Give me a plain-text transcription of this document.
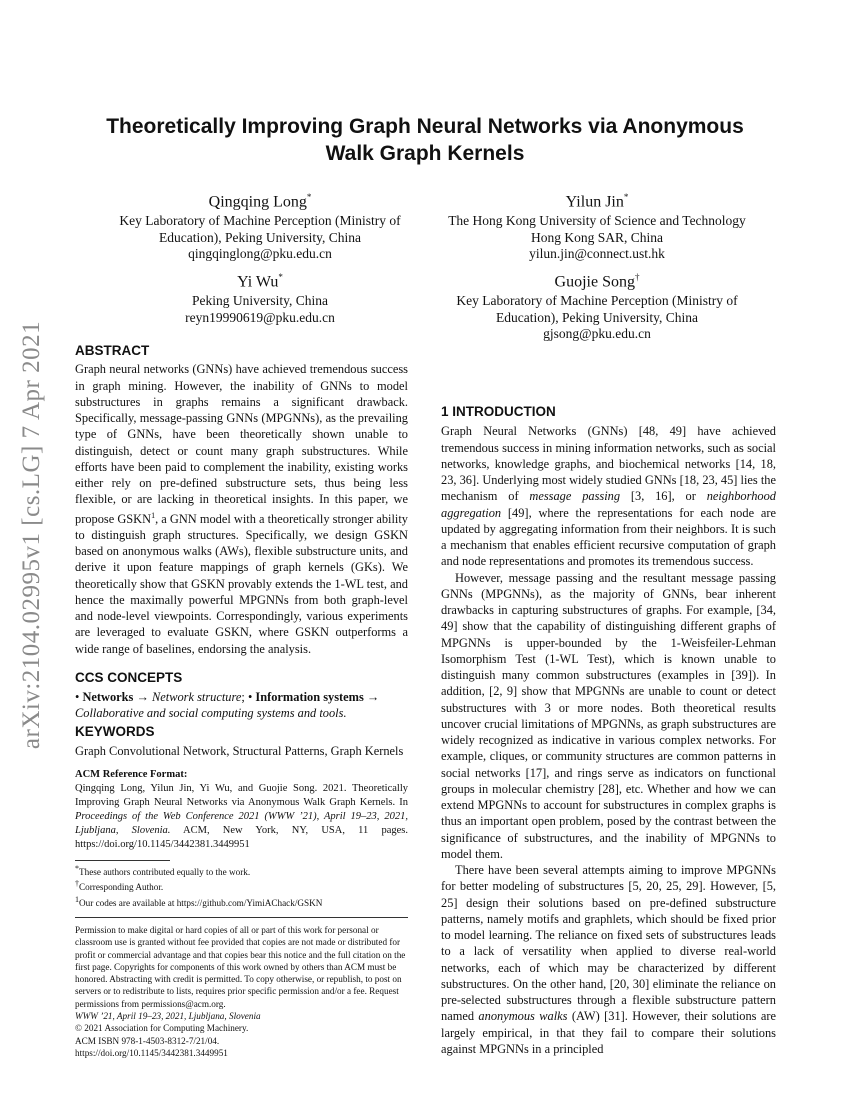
arXiv:2104.02995v1 [cs.LG] 7 Apr 2021
Theoretically Improving Graph Neural Networks via Anonymous Walk Graph Kernels
Qingqing Long*
Key Laboratory of Machine Perception (Ministry of
Education), Peking University, China
qingqinglong@pku.edu.cn
Yilun Jin*
The Hong Kong University of Science and Technology
Hong Kong SAR, China
yilun.jin@connect.ust.hk
Yi Wu*
Peking University, China
reyn19990619@pku.edu.cn
Guojie Song†
Key Laboratory of Machine Perception (Ministry of
Education), Peking University, China
gjsong@pku.edu.cn
ABSTRACT

Graph neural networks (GNNs) have achieved tremendous success in graph mining. However, the inability of GNNs to model substructures in graphs remains a significant drawback. Specifically, message-passing GNNs (MPGNNs), as the prevailing type of GNNs, have been theoretically shown unable to distinguish, detect or count many graph substructures. While efforts have been paid to complement the inability, existing works either rely on pre-defined substructure sets, thus being less flexible, or are lacking in theoretical insights. In this paper, we propose GSKN$^1$, a GNN model with a theoretically stronger ability to distinguish graph structures. Specifically, we design GSKN based on anonymous walks (AWs), flexible substructure units, and derive it upon feature mappings of graph kernels (GKs). We theoretically show that GSKN provably extends the 1-WL test, and hence the maximally powerful MPGNNs from both graph-level and node-level viewpoints. Correspondingly, various experiments are leveraged to evaluate GSKN, where GSKN outperforms a wide range of baselines, endorsing the analysis.

CCS CONCEPTS

• Networks → Network structure; • Information systems → Collaborative and social computing systems and tools.

KEYWORDS

Graph Convolutional Network, Structural Patterns, Graph Kernels

ACM Reference Format:
Qingqing Long, Yilun Jin, Yi Wu, and Guojie Song. 2021. Theoretically Improving Graph Neural Networks via Anonymous Walk Graph Kernels. In Proceedings of the Web Conference 2021 (WWW ’21), April 19–23, 2021, Ljubljana, Slovenia. ACM, New York, NY, USA, 11 pages. https://doi.org/10.1145/3442381.3449951

*These authors contributed equally to the work.
†Corresponding Author.
$^1$Our codes are available at https://github.com/YimiAChack/GSKN
Permission to make digital or hard copies of all or part of this work for personal or classroom use is granted without fee provided that copies are not made or distributed for profit or commercial advantage and that copies bear this notice and the full citation on the first page. Copyrights for components of this work owned by others than ACM must be honored. Abstracting with credit is permitted. To copy otherwise, or republish, to post on servers or to redistribute to lists, requires prior specific permission and/or a fee. Request permissions from permissions@acm.org.
WWW ’21, April 19–23, 2021, Ljubljana, Slovenia
© 2021 Association for Computing Machinery.
ACM ISBN 978-1-4503-8312-7/21/04.
https://doi.org/10.1145/3442381.3449951
1 INTRODUCTION

Graph Neural Networks (GNNs) [48, 49] have achieved tremendous success in mining information networks, such as social networks, knowledge graphs, and biochemical networks [14, 18, 23, 36]. Underlying most widely studied GNNs [18, 23, 45] lies the mechanism of message passing [3, 16], or neighborhood aggregation [49], where the representations for each node are updated by aggregating information from their neighbors. It is such a mechanism that enables efficient recursive computation of graph and node representations and promotes its tremendous success.

However, message passing and the resultant message passing GNNs (MPGNNs), as the majority of GNNs, bear inherent drawbacks in capturing substructures of graphs. For example, [34, 49] show that the capability of distinguishing different graphs of MPGNNs is upper-bounded by the 1-Weisfeiler-Lehman Isomorphism Test (1-WL Test), which is known unable to distinguish many common substructures (examples in [39]). In addition, [2, 9] show that MPGNNs are unable to count or detect substructures with 3 or more nodes. Both theoretical results uncover crucial limitations of MPGNNs, as graph substructures are widely recognized as indicative in various complex networks. For example, cliques, or community structures are common patterns in social networks [17], and rings serve as indicators on functional groups in molecular chemistry [28], etc. Whether and how we can extend MPGNNs to account for substructures in complex graphs is thus an important open problem, posed by the contrast between the significance of substructures, and the inability of MPGNNs to model them.

There have been several attempts aiming to improve MPGNNs for better modeling of substructures [5, 20, 25, 29]. However, [5, 25] design their solutions based on pre-defined substructure patterns, namely motifs and graphlets, which should be fixed prior to model learning. The reliance on fixed sets of substructures leads to a lack of versatility when applied to diverse real-world networks, each of which may be characterized by different substructures. On the other hand, [20, 30] eliminate the reliance on pre-selected substructures through a flexible substructure pattern named anonymous walks (AW) [31]. However, their solutions are largely empirical, in that they fail to compare their solutions against MPGNNs in a principled
